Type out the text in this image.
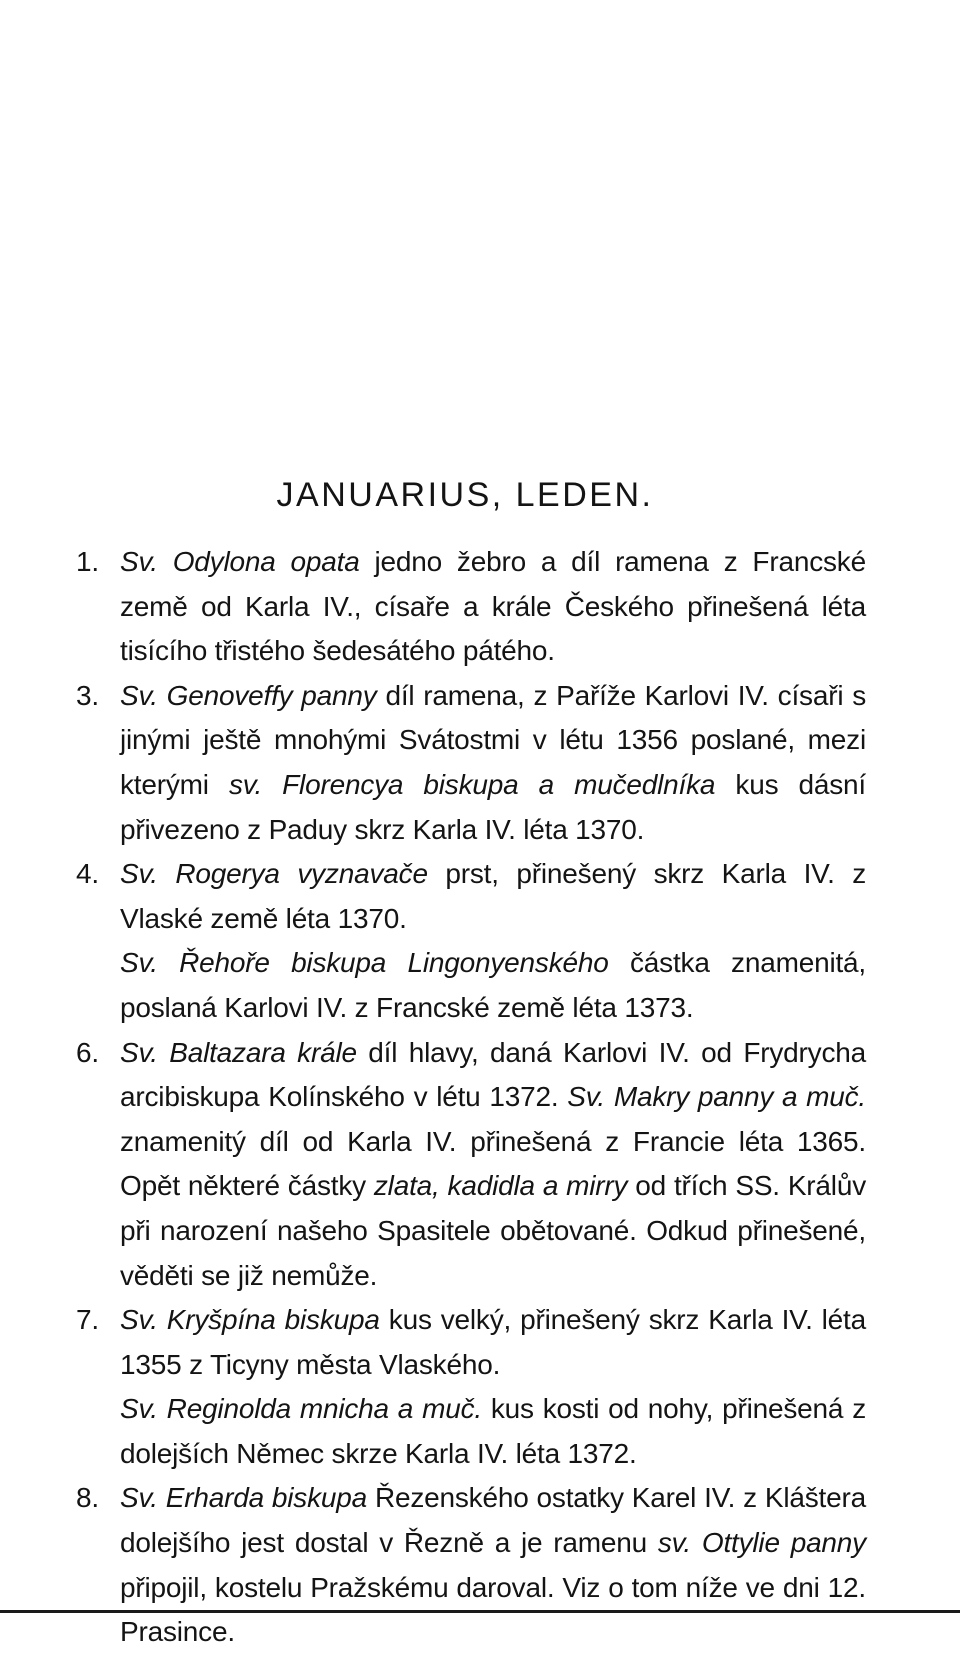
JANUARIUS, LEDEN.
1. Sv. Odylona opata jedno žebro a díl ramena z Francské země od Karla IV., císaře a krále Českého přinešená léta tisícího třistého šedesátého pátého.
3. Sv. Genoveffy panny díl ramena, z Paříže Karlovi IV. císaři s jinými ještě mnohými Svátostmi v létu 1356 poslané, mezi kterými sv. Florencya biskupa a mučedlníka kus dásní přivezeno z Paduy skrz Karla IV. léta 1370.
4. Sv. Rogerya vyznavače prst, přinešený skrz Karla IV. z Vlaské země léta 1370.
Sv. Řehoře biskupa Lingonyenského částka znamenitá, poslaná Karlovi IV. z Francské země léta 1373.
6. Sv. Baltazara krále díl hlavy, daná Karlovi IV. od Frydrycha arcibiskupa Kolínského v létu 1372. Sv. Makry panny a muč. znamenitý díl od Karla IV. přinešená z Francie léta 1365. Opět některé částky zlata, kadidla a mirry od třích SS. Králův při narození našeho Spasitele obětované. Odkud přinešené, věděti se již nemůže.
7. Sv. Kryšpína biskupa kus velký, přinešený skrz Karla IV. léta 1355 z Ticyny města Vlaského.
Sv. Reginolda mnicha a muč. kus kosti od nohy, přinešená z dolejších Němec skrze Karla IV. léta 1372.
8. Sv. Erharda biskupa Řezenského ostatky Karel IV. z Kláštera dolejšího jest dostal v Řezně a je ramenu sv. Ottylie panny připojil, kostelu Pražskému daroval. Viz o tom níže ve dni 12. Prasince.
